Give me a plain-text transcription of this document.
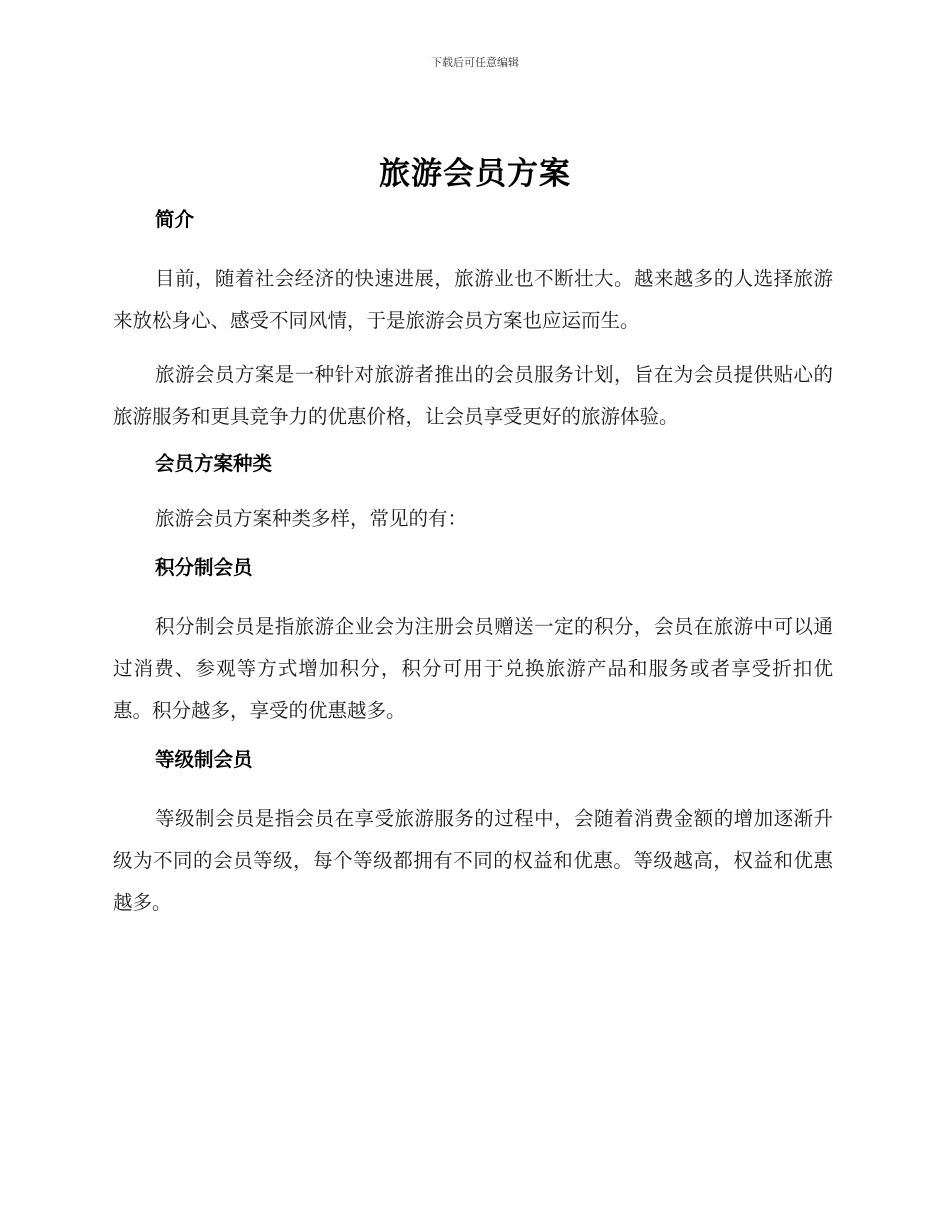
下载后可任意编辑
旅游会员方案
简介

目前，随着社会经济的快速进展，旅游业也不断壮大。越来越多的人选择旅游来放松身心、感受不同风情，于是旅游会员方案也应运而生。

旅游会员方案是一种针对旅游者推出的会员服务计划，旨在为会员提供贴心的旅游服务和更具竞争力的优惠价格，让会员享受更好的旅游体验。

会员方案种类

旅游会员方案种类多样，常见的有：

积分制会员

积分制会员是指旅游企业会为注册会员赠送一定的积分，会员在旅游中可以通过消费、参观等方式增加积分，积分可用于兑换旅游产品和服务或者享受折扣优惠。积分越多，享受的优惠越多。

等级制会员

等级制会员是指会员在享受旅游服务的过程中，会随着消费金额的增加逐渐升级为不同的会员等级，每个等级都拥有不同的权益和优惠。等级越高，权益和优惠越多。
